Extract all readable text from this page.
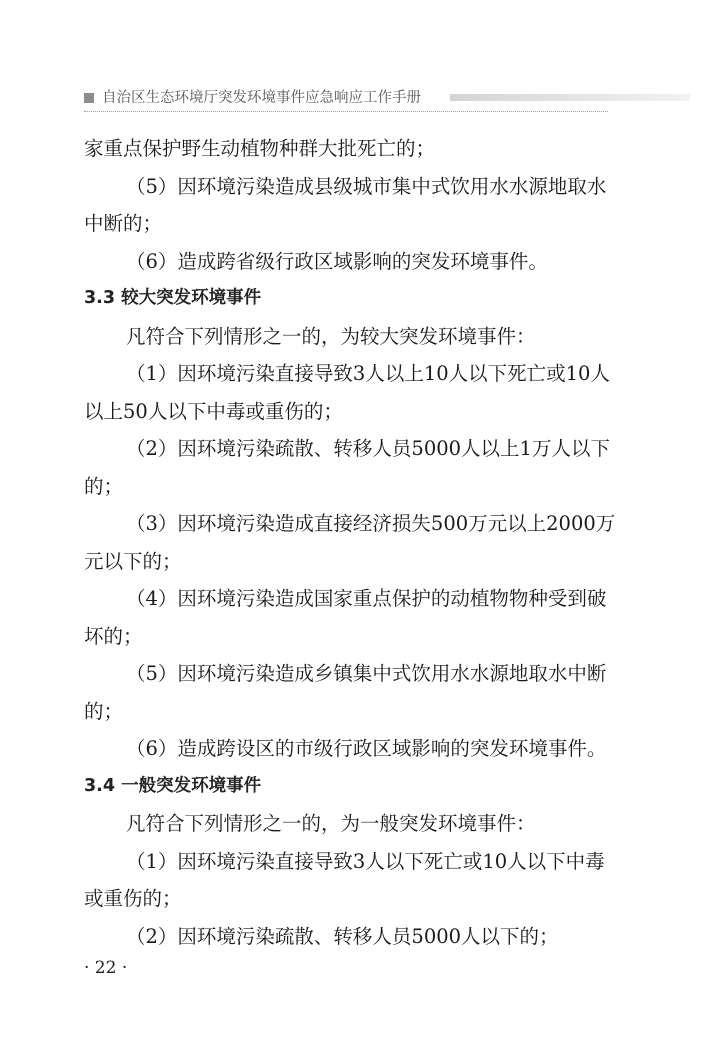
自治区生态环境厅突发环境事件应急响应工作手册

家重点保护野生动植物种群大批死亡的；

（5）因环境污染造成县级城市集中式饮用水水源地取水

中断的；

（6）造成跨省级行政区域影响的突发环境事件。

3.3 较大突发环境事件

凡符合下列情形之一的，为较大突发环境事件：

（1）因环境污染直接导致3人以上10人以下死亡或10人

以上50人以下中毒或重伤的；

（2）因环境污染疏散、转移人员5000人以上1万人以下

的；

（3）因环境污染造成直接经济损失500万元以上2000万

元以下的；

（4）因环境污染造成国家重点保护的动植物物种受到破

坏的；

（5）因环境污染造成乡镇集中式饮用水水源地取水中断

的；

（6）造成跨设区的市级行政区域影响的突发环境事件。

3.4 一般突发环境事件

凡符合下列情形之一的，为一般突发环境事件：

（1）因环境污染直接导致3人以下死亡或10人以下中毒

或重伤的；

（2）因环境污染疏散、转移人员5000人以下的；

· 22 ·
